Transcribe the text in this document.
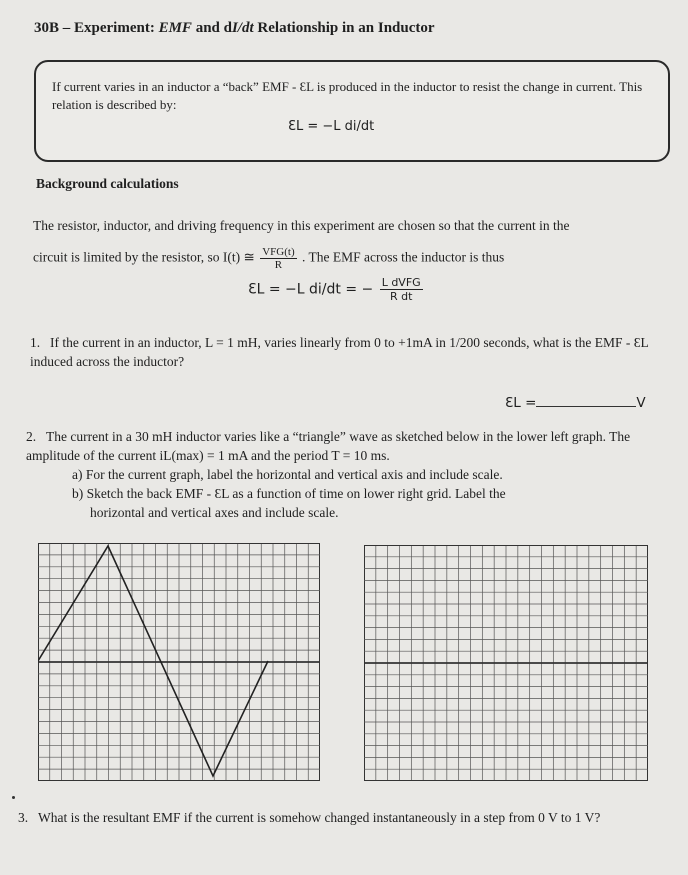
30B – Experiment: EMF and dI/dt Relationship in an Inductor
If current varies in an inductor a “back” EMF - ƐL is produced in the inductor to resist the change in current. This relation is described by:
ƐL = −L di/dt
Background calculations
The resistor, inductor, and driving frequency in this experiment are chosen so that the current in the
circuit is limited by the resistor, so I(t) ≅ $\frac{\text{VFG(t)}}{R}$ . The EMF across the inductor is thus
ƐL = −L di/dt = − $\frac{\text{L dVFG}}{\text{R dt}}$
1. If the current in an inductor, L = 1 mH, varies linearly from 0 to +1mA in 1/200 seconds, what is the EMF - ƐL induced across the inductor?
ƐL =	V
2. The current in a 30 mH inductor varies like a “triangle” wave as sketched below in the lower left graph. The amplitude of the current iL(max) = 1 mA and the period T = 10 ms.
a) For the current graph, label the horizontal and vertical axis and include scale.
b) Sketch the back EMF - ƐL as a function of time on lower right grid. Label the
horizontal and vertical axes and include scale.
3. What is the resultant EMF if the current is somehow changed instantaneously in a step from 0 V to 1 V?
